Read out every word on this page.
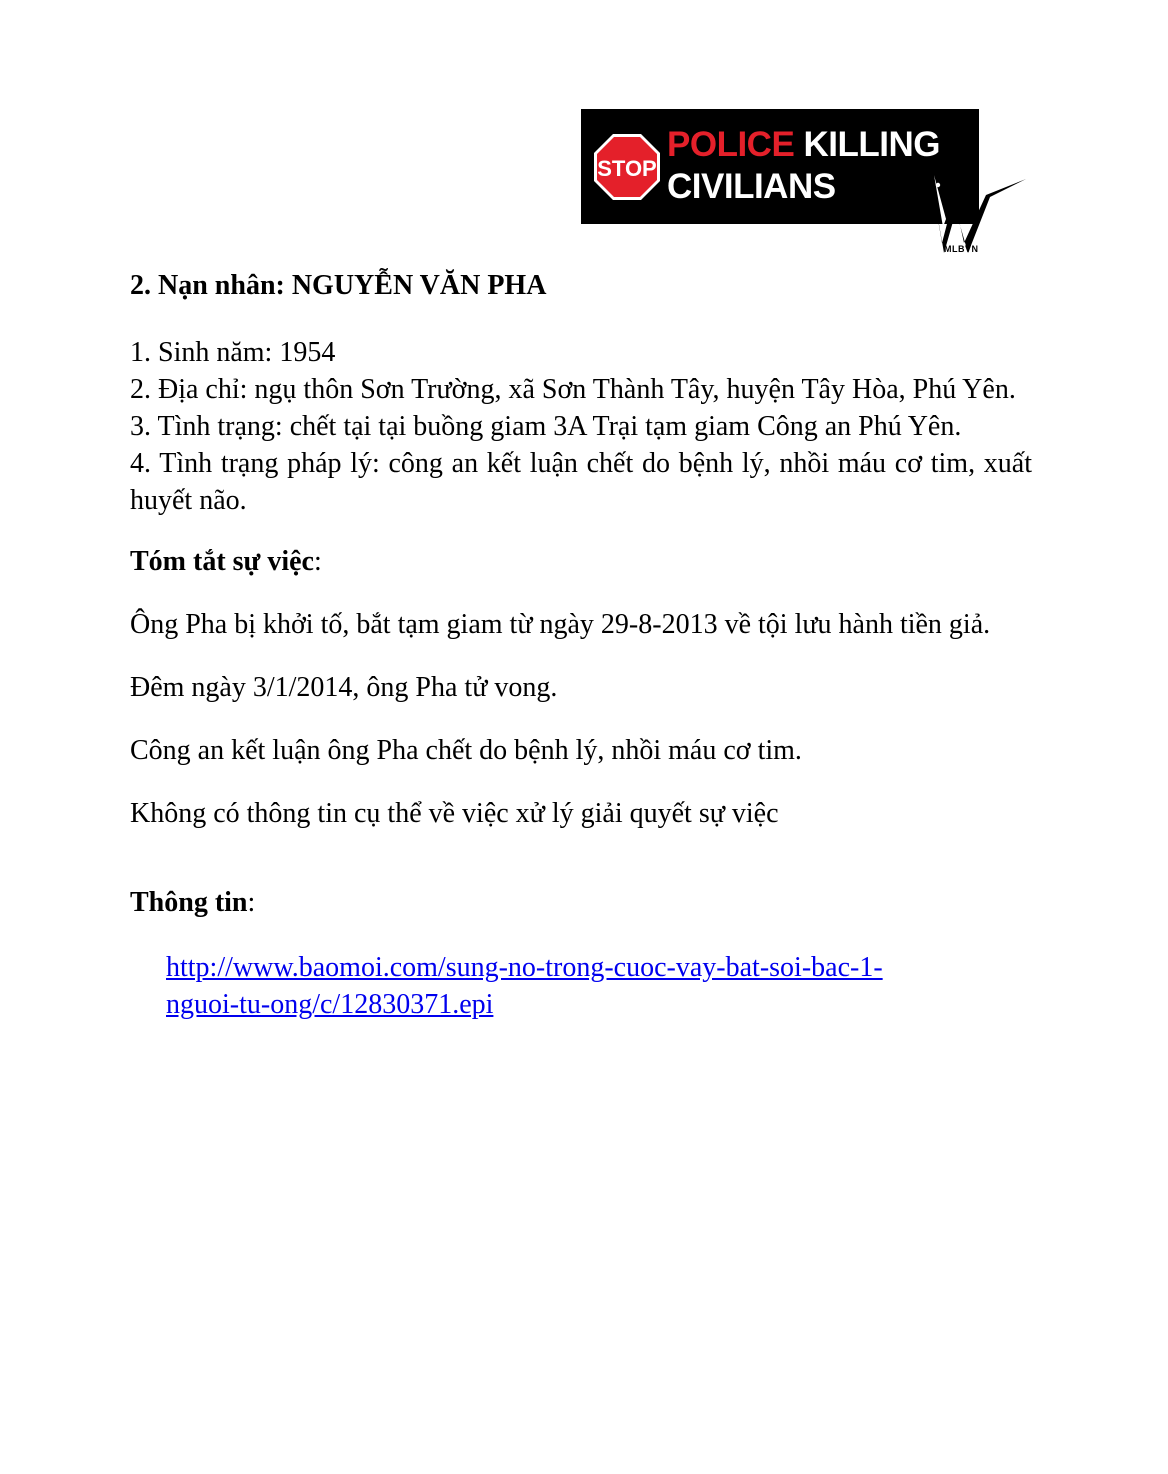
STOP
POLICE KILLING
CIVILIANS
MLBVN
2. Nạn nhân: NGUYỄN VĂN PHA

1. Sinh năm: 1954

2. Địa chỉ: ngụ thôn Sơn Trường, xã Sơn Thành Tây, huyện Tây Hòa, Phú Yên.

3. Tình trạng: chết tại tại buồng giam 3A Trại tạm giam Công an Phú Yên.

4. Tình trạng pháp lý: công an kết luận chết do bệnh lý, nhồi máu cơ tim, xuất huyết não.

Tóm tắt sự việc:

Ông Pha bị khởi tố, bắt tạm giam từ ngày 29-8-2013 về tội lưu hành tiền giả.

Đêm ngày 3/1/2014, ông Pha tử vong.

Công an kết luận ông Pha chết do bệnh lý, nhồi máu cơ tim.

Không có thông tin cụ thể về việc xử lý giải quyết sự việc

Thông tin:
http://www.baomoi.com/sung-no-trong-cuoc-vay-bat-soi-bac-1-
nguoi-tu-ong/c/12830371.epi
